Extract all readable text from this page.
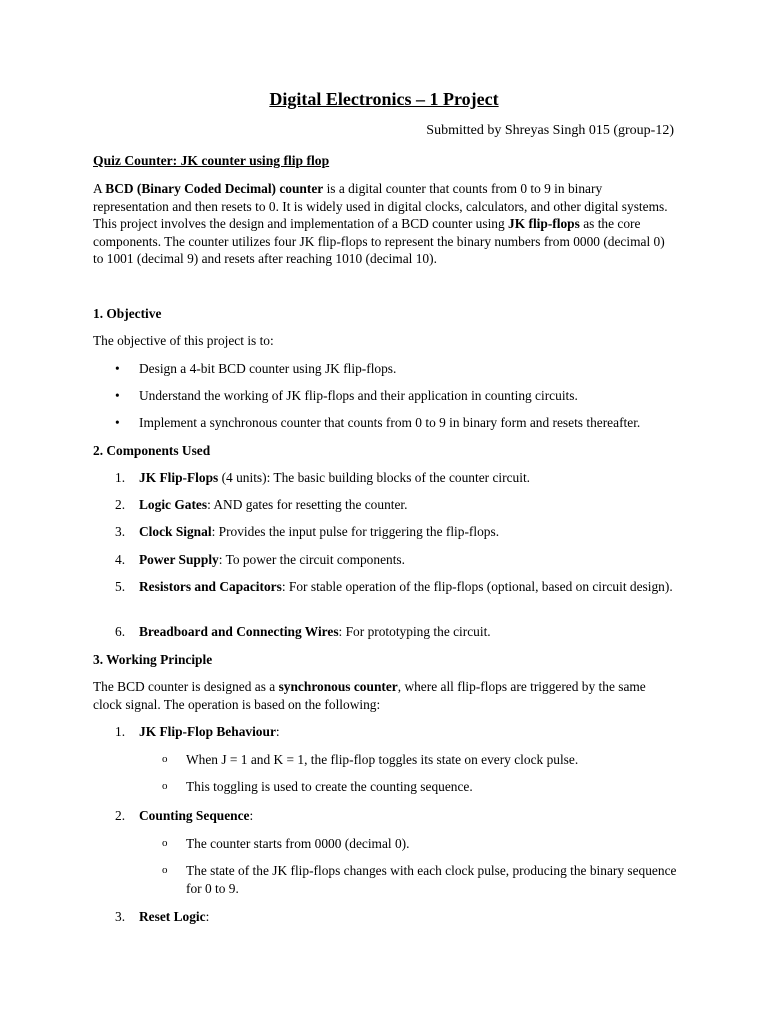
Digital Electronics – 1 Project
Submitted by Shreyas Singh 015 (group-12)
Quiz Counter: JK counter using flip flop

A BCD (Binary Coded Decimal) counter is a digital counter that counts from 0 to 9 in binary representation and then resets to 0. It is widely used in digital clocks, calculators, and other digital systems. This project involves the design and implementation of a BCD counter using JK flip-flops as the core components. The counter utilizes four JK flip-flops to represent the binary numbers from 0000 (decimal 0) to 1001 (decimal 9) and resets after reaching 1010 (decimal 10).

1. Objective
The objective of this project is to:
• Design a 4-bit BCD counter using JK flip-flops.
• Understand the working of JK flip-flops and their application in counting circuits.
• Implement a synchronous counter that counts from 0 to 9 in binary form and resets thereafter.
2. Components Used
1.	JK Flip-Flops (4 units): The basic building blocks of the counter circuit.
2.	Logic Gates: AND gates for resetting the counter.
3.	Clock Signal: Provides the input pulse for triggering the flip-flops.
4.	Power Supply: To power the circuit components.
5.	Resistors and Capacitors: For stable operation of the flip-flops (optional, based on circuit design).
6.	Breadboard and Connecting Wires: For prototyping the circuit.
3. Working Principle

The BCD counter is designed as a synchronous counter, where all flip-flops are triggered by the same clock signal. The operation is based on the following:

1.	JK Flip-Flop Behaviour:
o When J = 1 and K = 1, the flip-flop toggles its state on every clock pulse.
o This toggling is used to create the counting sequence.
2.	Counting Sequence:
o The counter starts from 0000 (decimal 0).
o The state of the JK flip-flops changes with each clock pulse, producing the binary sequence for 0 to 9.
3.	Reset Logic:
